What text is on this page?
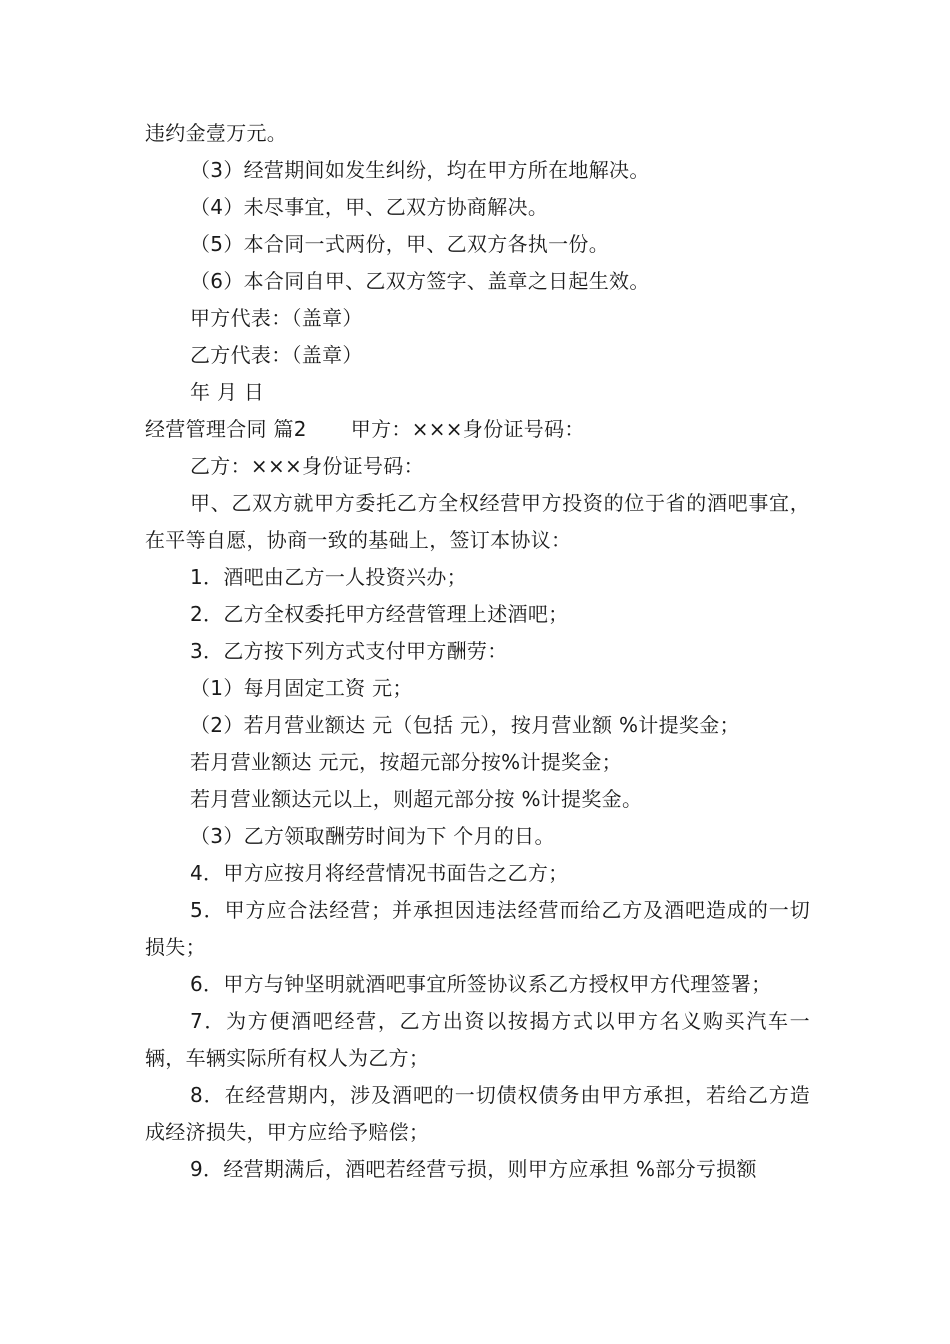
违约金壹万元。
（3）经营期间如发生纠纷，均在甲方所在地解决。
（4）未尽事宜，甲、乙双方协商解决。
（5）本合同一式两份，甲、乙双方各执一份。
（6）本合同自甲、乙双方签字、盖章之日起生效。
甲方代表：（盖章）
乙方代表：（盖章）
年 月 日
经营管理合同 篇2 甲方：×××身份证号码：
乙方：×××身份证号码：
甲、乙双方就甲方委托乙方全权经营甲方投资的位于省的酒吧事宜，在平等自愿，协商一致的基础上，签订本协议：
1．酒吧由乙方一人投资兴办；
2．乙方全权委托甲方经营管理上述酒吧；
3．乙方按下列方式支付甲方酬劳：
（1）每月固定工资 元；
（2）若月营业额达 元（包括 元），按月营业额 %计提奖金；
若月营业额达 元元，按超元部分按%计提奖金；
若月营业额达元以上，则超元部分按 %计提奖金。
（3）乙方领取酬劳时间为下 个月的日。
4．甲方应按月将经营情况书面告之乙方；
5．甲方应合法经营；并承担因违法经营而给乙方及酒吧造成的一切损失；
6．甲方与钟坚明就酒吧事宜所签协议系乙方授权甲方代理签署；
7．为方便酒吧经营，乙方出资以按揭方式以甲方名义购买汽车一辆，车辆实际所有权人为乙方；
8．在经营期内，涉及酒吧的一切债权债务由甲方承担，若给乙方造成经济损失，甲方应给予赔偿；
9．经营期满后，酒吧若经营亏损，则甲方应承担 %部分亏损额
